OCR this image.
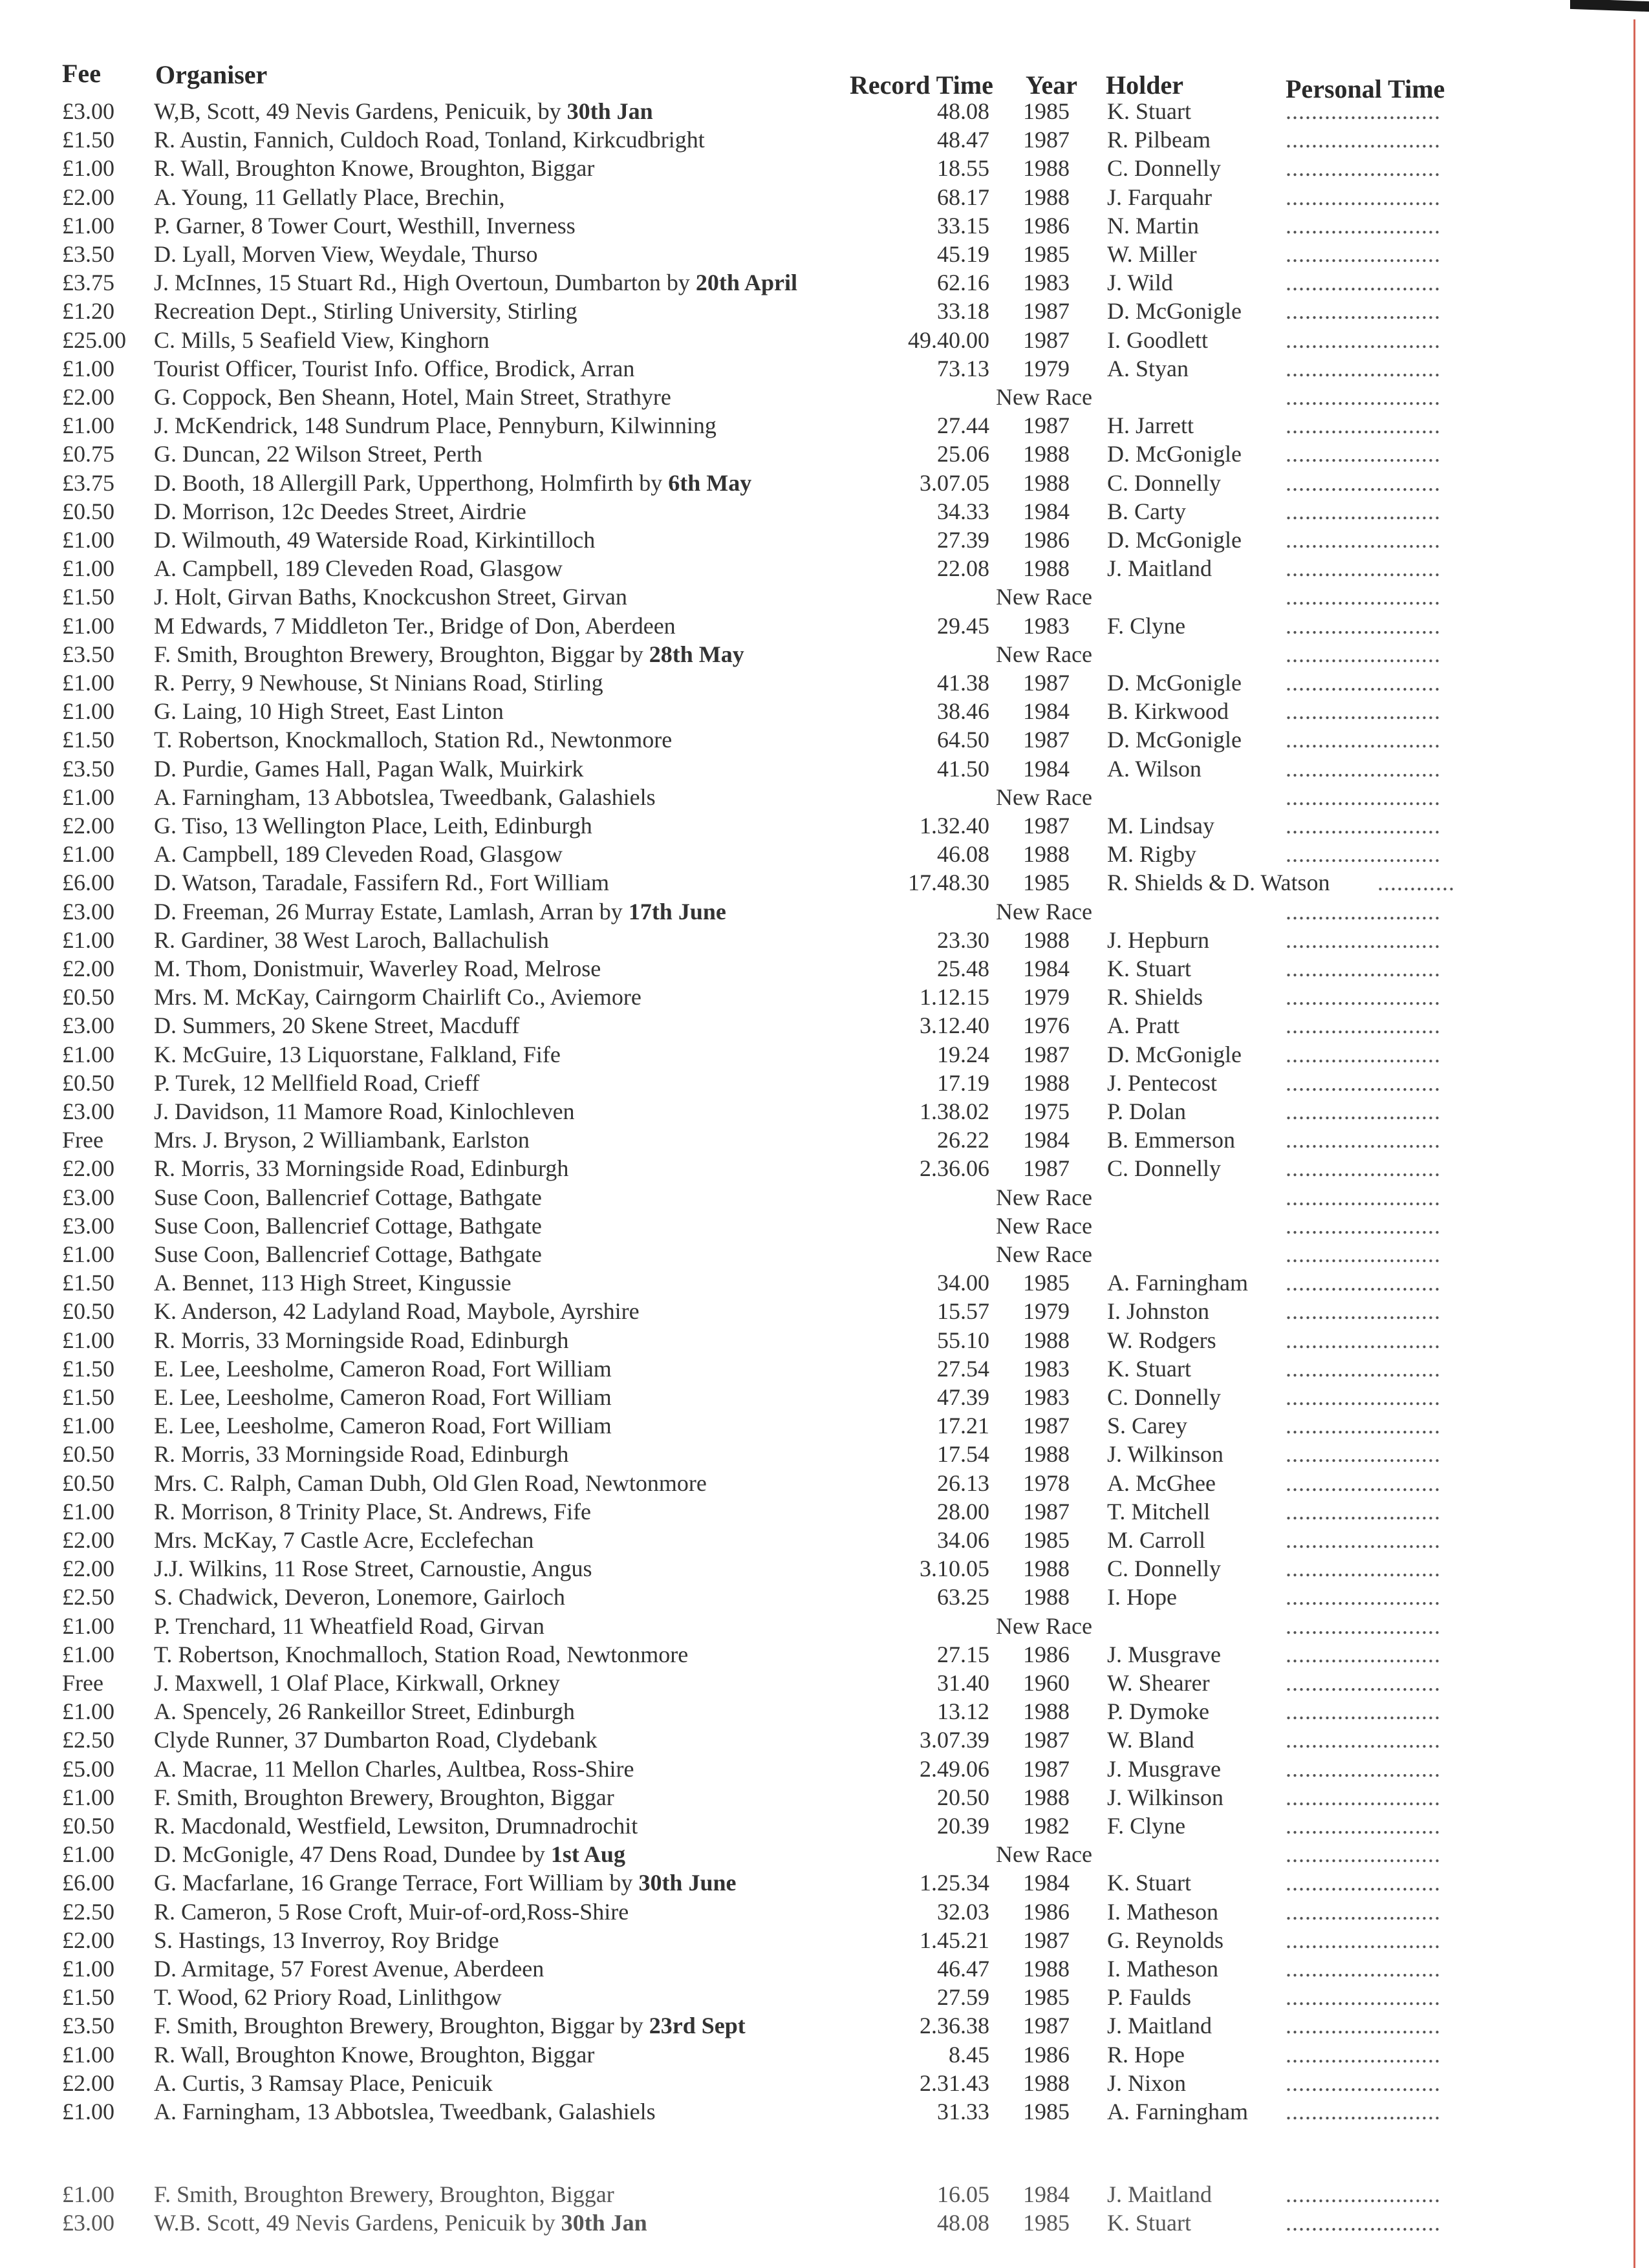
Fee Organiser	Record Time Year Holder	Personal Time
£3.00 W,B, Scott, 49 Nevis Gardens, Penicuik, by 30th Jan	48.08 1985 K. Stuart	........................
£1.50 R. Austin, Fannich, Culdoch Road, Tonland, Kirkcudbright	48.47 1987 R. Pilbeam	........................
£1.00 R. Wall, Broughton Knowe, Broughton, Biggar	18.55 1988 C. Donnelly	........................
£2.00 A. Young, 11 Gellatly Place, Brechin,	68.17 1988 J. Farquahr	........................
£1.00 P. Garner, 8 Tower Court, Westhill, Inverness	33.15 1986 N. Martin	........................
£3.50 D. Lyall, Morven View, Weydale, Thurso	45.19 1985 W. Miller	........................
£3.75 J. McInnes, 15 Stuart Rd., High Overtoun, Dumbarton by 20th April	62.16 1983 J. Wild	........................
£1.20 Recreation Dept., Stirling University, Stirling	33.18 1987 D. McGonigle ........................
£25.00 C. Mills, 5 Seafield View, Kinghorn	49.40.00 1987 I. Goodlett	........................
£1.00 Tourist Officer, Tourist Info. Office, Brodick, Arran	73.13 1979 A. Styan	........................
£2.00 G. Coppock, Ben Sheann, Hotel, Main Street, Strathyre	New Race	........................
£1.00 J. McKendrick, 148 Sundrum Place, Pennyburn, Kilwinning	27.44 1987 H. Jarrett	........................
£0.75 G. Duncan, 22 Wilson Street, Perth	25.06 1988 D. McGonigle ........................
£3.75 D. Booth, 18 Allergill Park, Upperthong, Holmfirth by 6th May	3.07.05 1988 C. Donnelly	........................
£0.50 D. Morrison, 12c Deedes Street, Airdrie	34.33 1984 B. Carty	........................
£1.00 D. Wilmouth, 49 Waterside Road, Kirkintilloch	27.39 1986 D. McGonigle ........................
£1.00 A. Campbell, 189 Cleveden Road, Glasgow	22.08 1988 J. Maitland	........................
£1.50 J. Holt, Girvan Baths, Knockcushon Street, Girvan	New Race	........................
£1.00 M Edwards, 7 Middleton Ter., Bridge of Don, Aberdeen	29.45 1983 F. Clyne	........................
£3.50 F. Smith, Broughton Brewery, Broughton, Biggar by 28th May	New Race	........................
£1.00 R. Perry, 9 Newhouse, St Ninians Road, Stirling	41.38 1987 D. McGonigle ........................
£1.00 G. Laing, 10 High Street, East Linton	38.46 1984 B. Kirkwood ........................
£1.50 T. Robertson, Knockmalloch, Station Rd., Newtonmore	64.50 1987 D. McGonigle ........................
£3.50 D. Purdie, Games Hall, Pagan Walk, Muirkirk	41.50 1984 A. Wilson	........................
£1.00 A. Farningham, 13 Abbotslea, Tweedbank, Galashiels	New Race	........................
£2.00 G. Tiso, 13 Wellington Place, Leith, Edinburgh	1.32.40 1987 M. Lindsay	........................
£1.00 A. Campbell, 189 Cleveden Road, Glasgow	46.08 1988 M. Rigby	........................
£6.00 D. Watson, Taradale, Fassifern Rd., Fort William	17.48.30 1985 R. Shields & D. Watson ............
£3.00 D. Freeman, 26 Murray Estate, Lamlash, Arran by 17th June	New Race	........................
£1.00 R. Gardiner, 38 West Laroch, Ballachulish	23.30 1988 J. Hepburn	........................
£2.00 M. Thom, Donistmuir, Waverley Road, Melrose	25.48 1984 K. Stuart	........................
£0.50 Mrs. M. McKay, Cairngorm Chairlift Co., Aviemore	1.12.15 1979 R. Shields	........................
£3.00 D. Summers, 20 Skene Street, Macduff	3.12.40 1976 A. Pratt	........................
£1.00 K. McGuire, 13 Liquorstane, Falkland, Fife	19.24 1987 D. McGonigle ........................
£0.50 P. Turek, 12 Mellfield Road, Crieff	17.19 1988 J. Pentecost	........................
£3.00 J. Davidson, 11 Mamore Road, Kinlochleven	1.38.02 1975 P. Dolan	........................
Free Mrs. J. Bryson, 2 Williambank, Earlston	26.22 1984 B. Emmerson ........................
£2.00 R. Morris, 33 Morningside Road, Edinburgh	2.36.06 1987 C. Donnelly	........................
£3.00 Suse Coon, Ballencrief Cottage, Bathgate	New Race	........................
£3.00 Suse Coon, Ballencrief Cottage, Bathgate	New Race	........................
£1.00 Suse Coon, Ballencrief Cottage, Bathgate	New Race	........................
£1.50 A. Bennet, 113 High Street, Kingussie	34.00 1985 A. Farningham ........................
£0.50 K. Anderson, 42 Ladyland Road, Maybole, Ayrshire	15.57 1979 I. Johnston	........................
£1.00 R. Morris, 33 Morningside Road, Edinburgh	55.10 1988 W. Rodgers	........................
£1.50 E. Lee, Leesholme, Cameron Road, Fort William	27.54 1983 K. Stuart	........................
£1.50 E. Lee, Leesholme, Cameron Road, Fort William	47.39 1983 C. Donnelly	........................
£1.00 E. Lee, Leesholme, Cameron Road, Fort William	17.21 1987 S. Carey	........................
£0.50 R. Morris, 33 Morningside Road, Edinburgh	17.54 1988 J. Wilkinson	........................
£0.50 Mrs. C. Ralph, Caman Dubh, Old Glen Road, Newtonmore	26.13 1978 A. McGhee	........................
£1.00 R. Morrison, 8 Trinity Place, St. Andrews, Fife	28.00 1987 T. Mitchell	........................
£2.00 Mrs. McKay, 7 Castle Acre, Ecclefechan	34.06 1985 M. Carroll	........................
£2.00 J.J. Wilkins, 11 Rose Street, Carnoustie, Angus	3.10.05 1988 C. Donnelly	........................
£2.50 S. Chadwick, Deveron, Lonemore, Gairloch	63.25 1988 I. Hope	........................
£1.00 P. Trenchard, 11 Wheatfield Road, Girvan	New Race	........................
£1.00 T. Robertson, Knochmalloch, Station Road, Newtonmore	27.15 1986 J. Musgrave	........................
Free J. Maxwell, 1 Olaf Place, Kirkwall, Orkney	31.40 1960 W. Shearer	........................
£1.00 A. Spencely, 26 Rankeillor Street, Edinburgh	13.12 1988 P. Dymoke	........................
£2.50 Clyde Runner, 37 Dumbarton Road, Clydebank	3.07.39 1987 W. Bland	........................
£5.00 A. Macrae, 11 Mellon Charles, Aultbea, Ross-Shire	2.49.06 1987 J. Musgrave	........................
£1.00 F. Smith, Broughton Brewery, Broughton, Biggar	20.50 1988 J. Wilkinson	........................
£0.50 R. Macdonald, Westfield, Lewsiton, Drumnadrochit	20.39 1982 F. Clyne	........................
£1.00 D. McGonigle, 47 Dens Road, Dundee by 1st Aug	New Race	........................
£6.00 G. Macfarlane, 16 Grange Terrace, Fort William by 30th June	1.25.34 1984 K. Stuart	........................
£2.50 R. Cameron, 5 Rose Croft, Muir-of-ord,Ross-Shire	32.03 1986 I. Matheson	........................
£2.00 S. Hastings, 13 Inverroy, Roy Bridge	1.45.21 1987 G. Reynolds	........................
£1.00 D. Armitage, 57 Forest Avenue, Aberdeen	46.47 1988 I. Matheson	........................
£1.50 T. Wood, 62 Priory Road, Linlithgow	27.59 1985 P. Faulds	........................
£3.50 F. Smith, Broughton Brewery, Broughton, Biggar by 23rd Sept	2.36.38 1987 J. Maitland	........................
£1.00 R. Wall, Broughton Knowe, Broughton, Biggar	8.45 1986 R. Hope	........................
£2.00 A. Curtis, 3 Ramsay Place, Penicuik	2.31.43 1988 J. Nixon	........................
£1.00 A. Farningham, 13 Abbotslea, Tweedbank, Galashiels	31.33 1985 A. Farningham ........................
£1.00 F. Smith, Broughton Brewery, Broughton, Biggar	16.05 1984 J. Maitland	........................
£3.00 W.B. Scott, 49 Nevis Gardens, Penicuik by 30th Jan	48.08 1985 K. Stuart	........................
